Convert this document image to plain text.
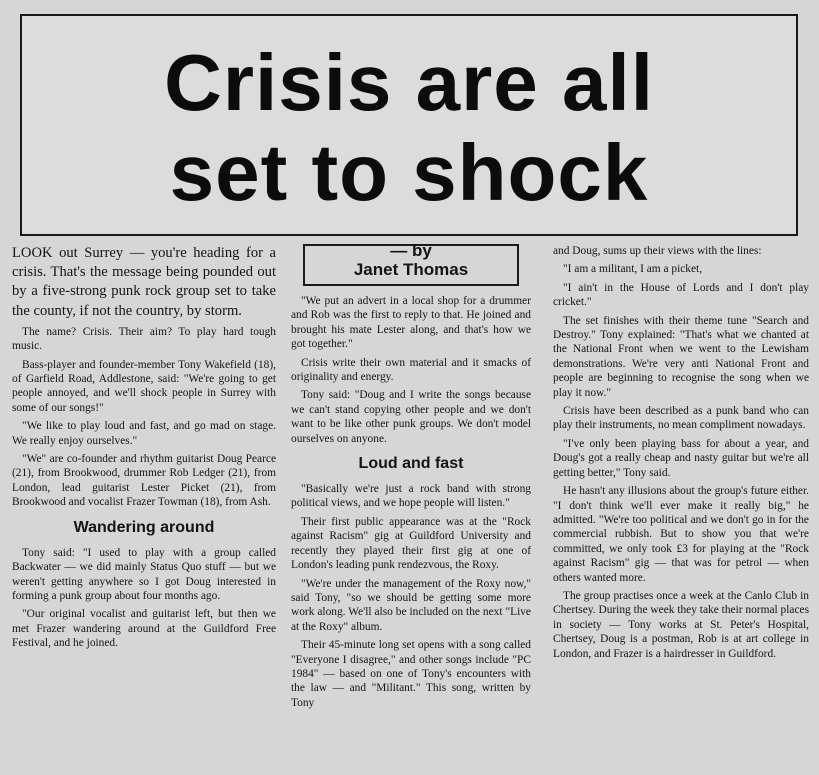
Crisis are all
set to shock

LOOK out Surrey — you're heading for a crisis. That's the message being pounded out by a five-strong punk rock group set to take the county, if not the country, by storm.

The name? Crisis. Their aim? To play hard tough music.

Bass-player and founder-member Tony Wakefield (18), of Garfield Road, Addlestone, said: "We're going to get people annoyed, and we'll shock people in Surrey with some of our songs!"

"We like to play loud and fast, and go mad on stage. We really enjoy ourselves."

"We" are co-founder and rhythm guitarist Doug Pearce (21), from Brookwood, drummer Rob Ledger (21), from London, lead guitarist Lester Picket (21), from Brookwood and vocalist Frazer Towman (18), from Ash.

Wandering around

Tony said: "I used to play with a group called Backwater — we did mainly Status Quo stuff — but we weren't getting anywhere so I got Doug interested in forming a punk group about four months ago.

"Our original vocalist and guitarist left, but then we met Frazer wandering around at the Guildford Free Festival, and he joined.

— by
Janet Thomas

"We put an advert in a local shop for a drummer and Rob was the first to reply to that. He joined and brought his mate Lester along, and that's how we got together."

Crisis write their own material and it smacks of originality and energy.

Tony said: "Doug and I write the songs because we can't stand copying other people and we don't want to be like other punk groups. We don't model ourselves on anyone.

Loud and fast

"Basically we're just a rock band with strong political views, and we hope people will listen."

Their first public appearance was at the "Rock against Racism" gig at Guildford University and recently they played their first gig at one of London's leading punk rendezvous, the Roxy.

"We're under the management of the Roxy now," said Tony, "so we should be getting some more work along. We'll also be included on the next "Live at the Roxy" album.

Their 45-minute long set opens with a song called "Everyone I disagree," and other songs include "PC 1984" — based on one of Tony's encounters with the law — and "Militant." This song, written by Tony

and Doug, sums up their views with the lines:

"I am a militant, I am a picket,

"I ain't in the House of Lords and I don't play cricket."

The set finishes with their theme tune "Search and Destroy." Tony explained: "That's what we chanted at the National Front when we went to the Lewisham demonstrations. We're very anti National Front and people are beginning to recognise the song when we play it now."

Crisis have been described as a punk band who can play their instruments, no mean compliment nowadays.

"I've only been playing bass for about a year, and Doug's got a really cheap and nasty guitar but we're all getting better," Tony said.

He hasn't any illusions about the group's future either. "I don't think we'll ever make it really big," he admitted. "We're too political and we don't go in for the commercial rubbish. But to show you that we're committed, we only took £3 for playing at the "Rock against Racism" gig — that was for petrol — when others wanted more.

The group practises once a week at the Canlo Club in Chertsey. During the week they take their normal places in society — Tony works at St. Peter's Hospital, Chertsey, Doug is a postman, Rob is at art college in London, and Frazer is a hairdresser in Guildford.
